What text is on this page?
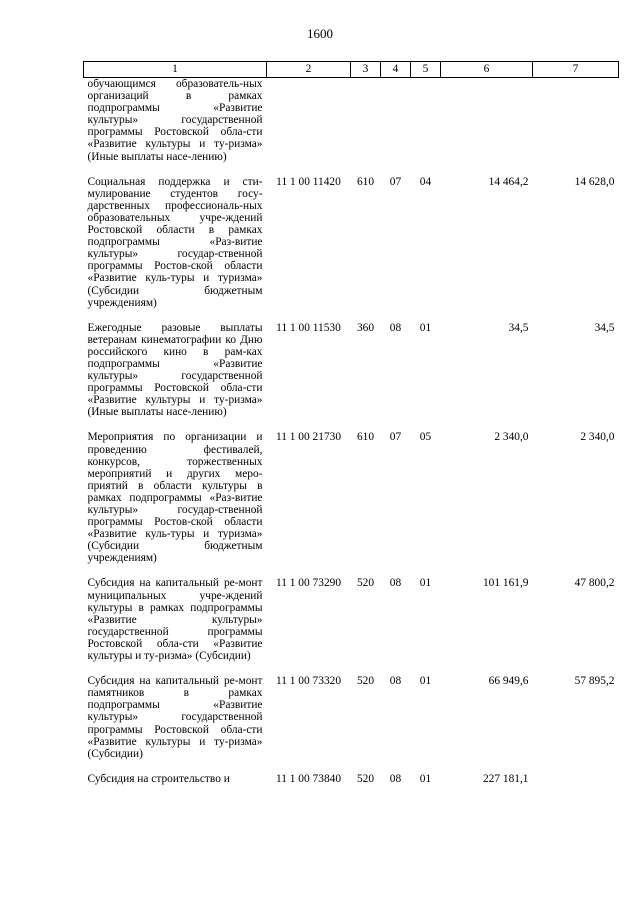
1600
1	2	3	4	5	6	7
обучающимся образователь-ных организаций в рамках подпрограммы «Развитие культуры» государственной программы Ростовской обла-сти «Развитие культуры и ту-ризма» (Иные выплаты насе-лению)						
Социальная поддержка и сти-мулирование студентов госу-дарственных профессиональ-ных образовательных учре-ждений Ростовской области в рамках подпрограммы «Раз-витие культуры» государ-ственной программы Ростов-ской области «Развитие куль-туры и туризма» (Субсидии бюджетным учреждениям)	11 1 00 11420	610	07	04	14 464,2	14 628,0
Ежегодные разовые выплаты ветеранам кинематографии ко Дню российского кино в рам-ках подпрограммы «Развитие культуры» государственной программы Ростовской обла-сти «Развитие культуры и ту-ризма» (Иные выплаты насе-лению)	11 1 00 11530	360	08	01	34,5	34,5
Мероприятия по организации и проведению фестивалей, конкурсов, торжественных мероприятий и других меро-приятий в области культуры в рамках подпрограммы «Раз-витие культуры» государ-ственной программы Ростов-ской области «Развитие куль-туры и туризма» (Субсидии бюджетным учреждениям)	11 1 00 21730	610	07	05	2 340,0	2 340,0
Субсидия на капитальный ре-монт муниципальных учре-ждений культуры в рамках подпрограммы «Развитие культуры» государственной программы Ростовской обла-сти «Развитие культуры и ту-ризма» (Субсидии)	11 1 00 73290	520	08	01	101 161,9	47 800,2
Субсидия на капитальный ре-монт памятников в рамках подпрограммы «Развитие культуры» государственной программы Ростовской обла-сти «Развитие культуры и ту-ризма» (Субсидии)	11 1 00 73320	520	08	01	66 949,6	57 895,2
Субсидия на строительство и	11 1 00 73840	520	08	01	227 181,1	
